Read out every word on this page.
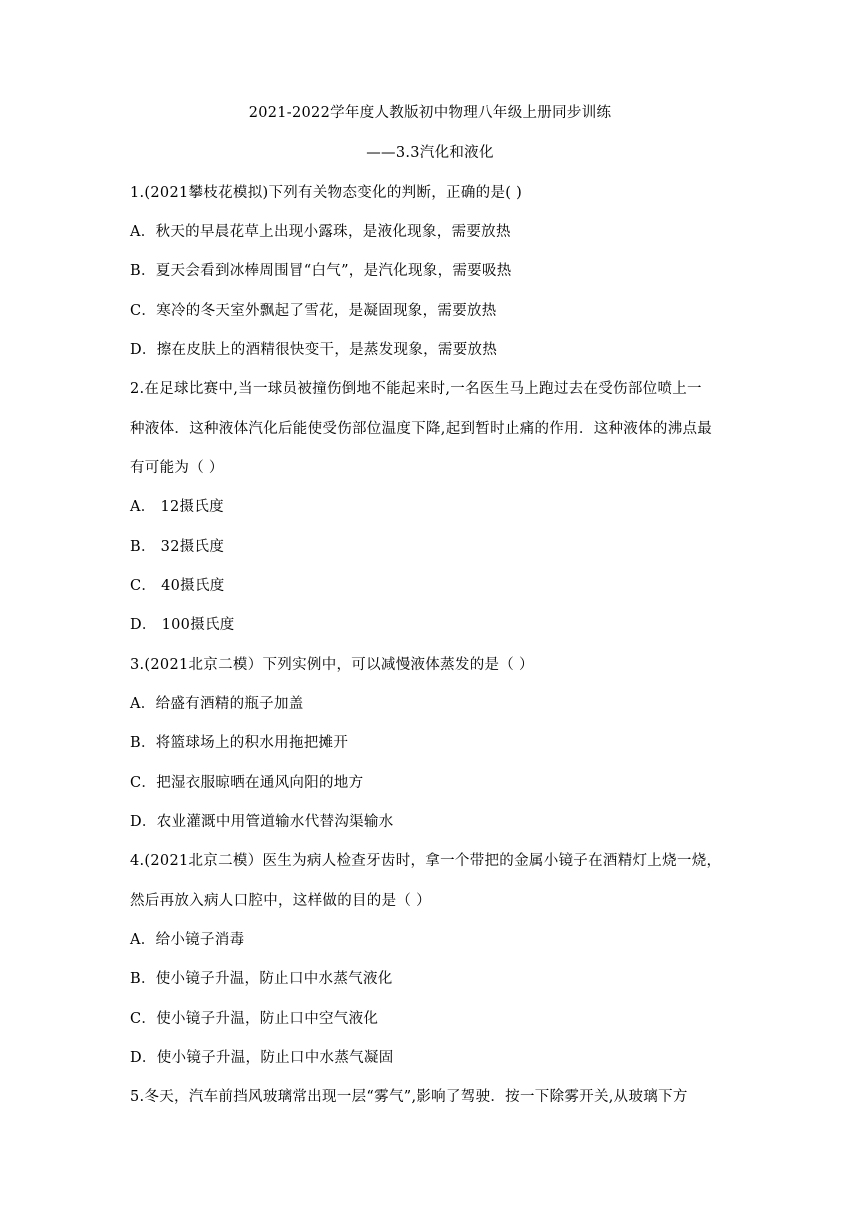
2021-2022学年度人教版初中物理八年级上册同步训练
——3.3汽化和液化
1.(2021攀枝花模拟)下列有关物态变化的判断，正确的是( )
A．秋天的早晨花草上出现小露珠，是液化现象，需要放热
B．夏天会看到冰棒周围冒“白气”，是汽化现象，需要吸热
C．寒冷的冬天室外飘起了雪花，是凝固现象，需要放热
D．擦在皮肤上的酒精很快变干，是蒸发现象，需要放热
2.在足球比赛中,当一球员被撞伤倒地不能起来时,一名医生马上跑过去在受伤部位喷上一
种液体．这种液体汽化后能使受伤部位温度下降,起到暂时止痛的作用．这种液体的沸点最
有可能为（ ）
A． 12摄氏度
B． 32摄氏度
C． 40摄氏度
D． 100摄氏度
3.(2021北京二模）下列实例中，可以减慢液体蒸发的是（ ）
A．给盛有酒精的瓶子加盖
B．将篮球场上的积水用拖把摊开
C．把湿衣服晾晒在通风向阳的地方
D．农业灌溉中用管道输水代替沟渠输水
4.(2021北京二模）医生为病人检查牙齿时，拿一个带把的金属小镜子在酒精灯上烧一烧，
然后再放入病人口腔中，这样做的目的是（ ）
A．给小镜子消毒
B．使小镜子升温，防止口中水蒸气液化
C．使小镜子升温，防止口中空气液化
D．使小镜子升温，防止口中水蒸气凝固
5.冬天，汽车前挡风玻璃常出现一层“雾气”,影响了驾驶．按一下除雾开关,从玻璃下方
